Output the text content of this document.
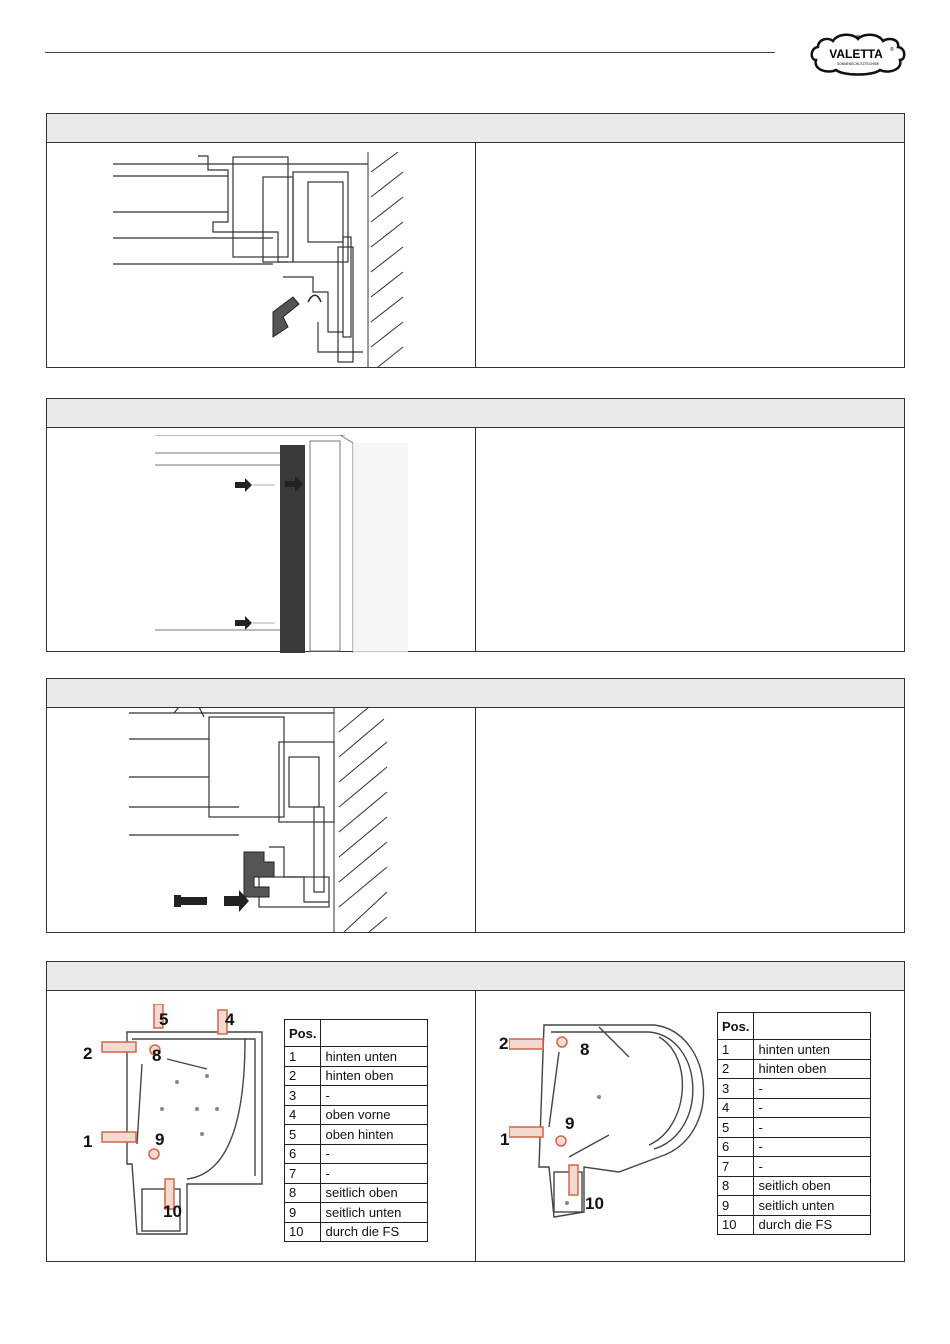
♛
VALETTA ®
SONNENSCHUTZTECHNIK
5	4
2	8
1	9
10
Pos.	
1	hinten unten
2	hinten oben
3	-
4	oben vorne
5	oben hinten
6	-
7	-
8	seitlich oben
9	seitlich unten
10	durch die FS
2	8
9
1
10
Pos.	
1	hinten unten
2	hinten oben
3	-
4	-
5	-
6	-
7	-
8	seitlich oben
9	seitlich unten
10	durch die FS
